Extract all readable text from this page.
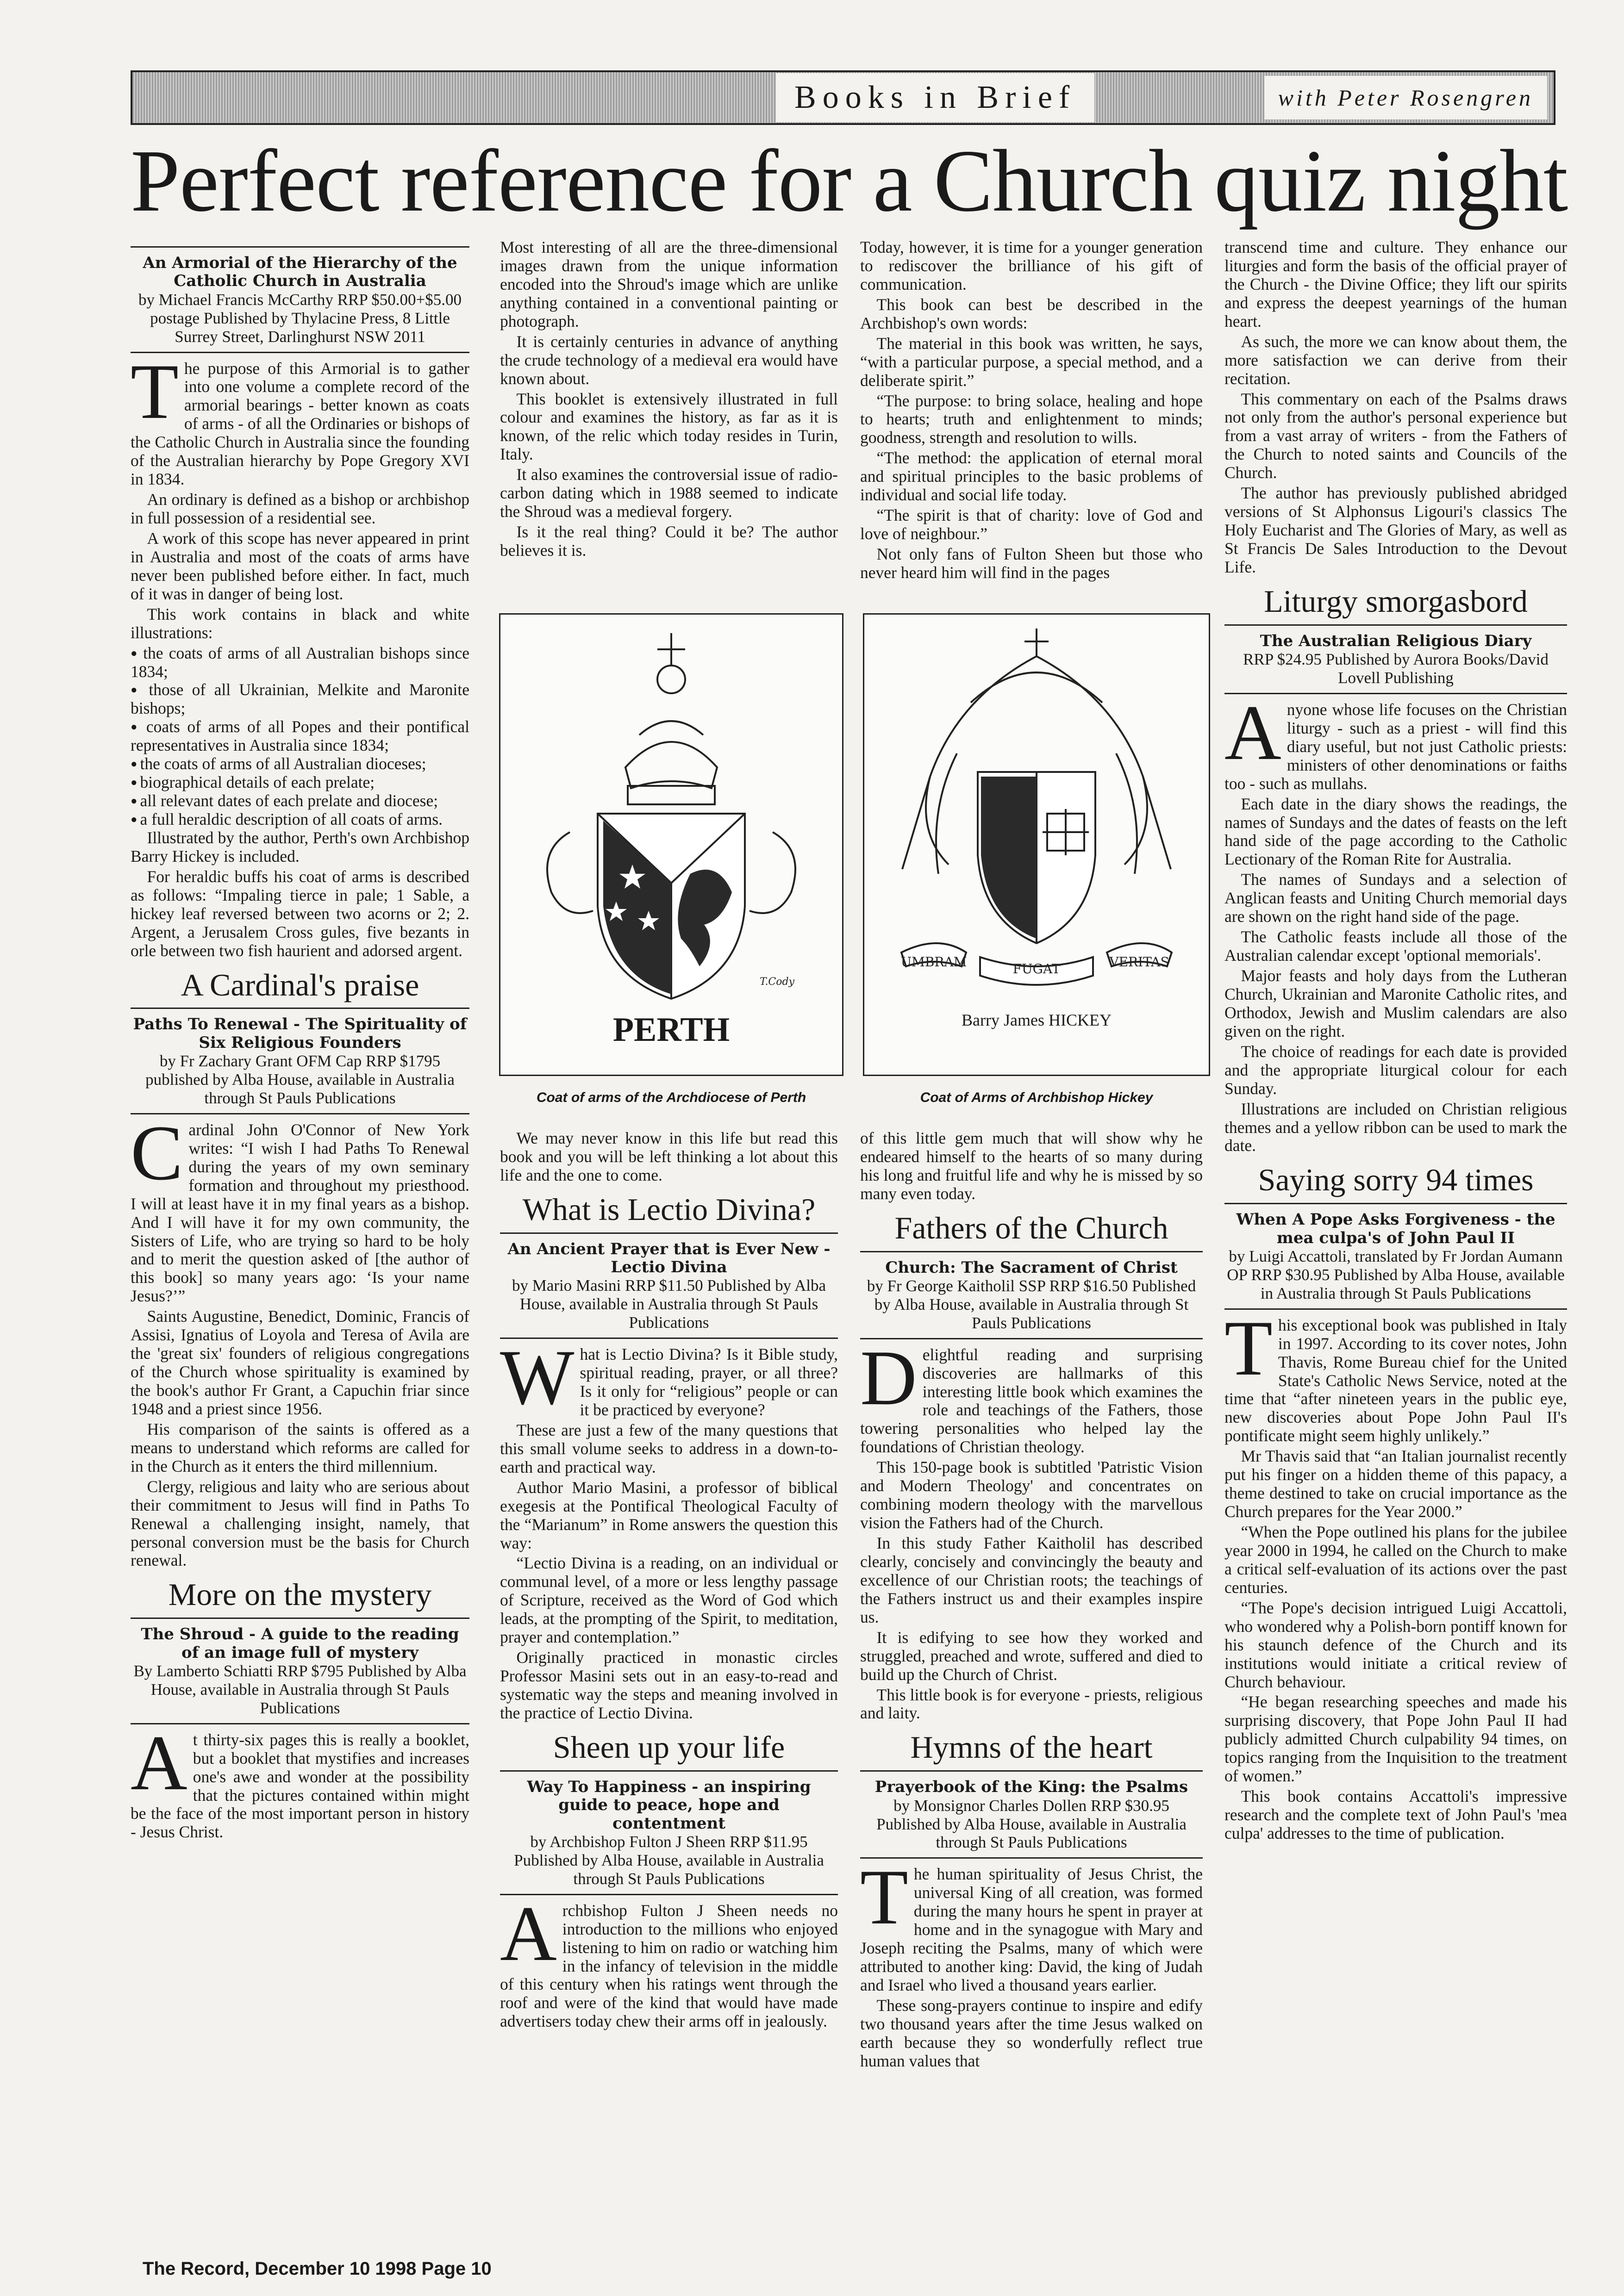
Books in Brief	with Peter Rosengren
Perfect reference for a Church quiz night
An Armorial of the Hierarchy of the Catholic Church in Australia
by Michael Francis McCarthy RRP $50.00+$5.00 postage Published by Thylacine Press, 8 Little Surrey Street, Darlinghurst NSW 2011

The purpose of this Armorial is to gather into one volume a complete record of the armorial bearings - better known as coats of arms - of all the Ordinaries or bishops of the Catholic Church in Australia since the founding of the Australian hierarchy by Pope Gregory XVI in 1834.

An ordinary is defined as a bishop or archbishop in full possession of a residential see.

A work of this scope has never appeared in print in Australia and most of the coats of arms have never been published before either. In fact, much of it was in danger of being lost.

This work contains in black and white illustrations:

● the coats of arms of all Australian bishops since 1834;
● those of all Ukrainian, Melkite and Maronite bishops;
● coats of arms of all Popes and their pontifical representatives in Australia since 1834;
● the coats of arms of all Australian dioceses;
● biographical details of each prelate;
● all relevant dates of each prelate and diocese;
● a full heraldic description of all coats of arms.

Illustrated by the author, Perth's own Archbishop Barry Hickey is included.

For heraldic buffs his coat of arms is described as follows: “Impaling tierce in pale; 1 Sable, a hickey leaf reversed between two acorns or 2; 2. Argent, a Jerusalem Cross gules, five bezants in orle between two fish haurient and adorsed argent.

A Cardinal's praise
Paths To Renewal - The Spirituality of Six Religious Founders
by Fr Zachary Grant OFM Cap RRP $1795 published by Alba House, available in Australia through St Pauls Publications

Cardinal John O'Connor of New York writes: “I wish I had Paths To Renewal during the years of my own seminary formation and throughout my priesthood. I will at least have it in my final years as a bishop. And I will have it for my own community, the Sisters of Life, who are trying so hard to be holy and to merit the question asked of [the author of this book] so many years ago: ‘Is your name Jesus?’”

Saints Augustine, Benedict, Dominic, Francis of Assisi, Ignatius of Loyola and Teresa of Avila are the 'great six' founders of religious congregations of the Church whose spirituality is examined by the book's author Fr Grant, a Capuchin friar since 1948 and a priest since 1956.

His comparison of the saints is offered as a means to understand which reforms are called for in the Church as it enters the third millennium.

Clergy, religious and laity who are serious about their commitment to Jesus will find in Paths To Renewal a challenging insight, namely, that personal conversion must be the basis for Church renewal.

More on the mystery
The Shroud - A guide to the reading of an image full of mystery
By Lamberto Schiatti RRP $795 Published by Alba House, available in Australia through St Pauls Publications

At thirty-six pages this is really a booklet, but a booklet that mystifies and increases one's awe and wonder at the possibility that the pictures contained within might be the face of the most important person in history - Jesus Christ.

Most interesting of all are the three-dimensional images drawn from the unique information encoded into the Shroud's image which are unlike anything contained in a conventional painting or photograph.

It is certainly centuries in advance of anything the crude technology of a medieval era would have known about.

This booklet is extensively illustrated in full colour and examines the history, as far as it is known, of the relic which today resides in Turin, Italy.

It also examines the controversial issue of radio-carbon dating which in 1988 seemed to indicate the Shroud was a medieval forgery.

Is it the real thing? Could it be? The author believes it is.

Today, however, it is time for a younger generation to rediscover the brilliance of his gift of communication.

This book can best be described in the Archbishop's own words:

The material in this book was written, he says, “with a particular purpose, a special method, and a deliberate spirit.”

“The purpose: to bring solace, healing and hope to hearts; truth and enlightenment to minds; goodness, strength and resolution to wills.

“The method: the application of eternal moral and spiritual principles to the basic problems of individual and social life today.

“The spirit is that of charity: love of God and love of neighbour.”

Not only fans of Fulton Sheen but those who never heard him will find in the pages

T.Cody
PERTH
Coat of arms of the Archdiocese of Perth
UMBRAM	FUGAT	VERITAS
Barry James HICKEY
Coat of Arms of Archbishop Hickey

We may never know in this life but read this book and you will be left thinking a lot about this life and the one to come.

What is Lectio Divina?
An Ancient Prayer that is Ever New - Lectio Divina
by Mario Masini RRP $11.50 Published by Alba House, available in Australia through St Pauls Publications

What is Lectio Divina? Is it Bible study, spiritual reading, prayer, or all three? Is it only for “religious” people or can it be practiced by everyone?

These are just a few of the many questions that this small volume seeks to address in a down-to-earth and practical way.

Author Mario Masini, a professor of biblical exegesis at the Pontifical Theological Faculty of the “Marianum” in Rome answers the question this way:

“Lectio Divina is a reading, on an individual or communal level, of a more or less lengthy passage of Scripture, received as the Word of God which leads, at the prompting of the Spirit, to meditation, prayer and contemplation.”

Originally practiced in monastic circles Professor Masini sets out in an easy-to-read and systematic way the steps and meaning involved in the practice of Lectio Divina.

Sheen up your life
Way To Happiness - an inspiring guide to peace, hope and contentment
by Archbishop Fulton J Sheen RRP $11.95 Published by Alba House, available in Australia through St Pauls Publications

Archbishop Fulton J Sheen needs no introduction to the millions who enjoyed listening to him on radio or watching him in the infancy of television in the middle of this century when his ratings went through the roof and were of the kind that would have made advertisers today chew their arms off in jealously.

of this little gem much that will show why he endeared himself to the hearts of so many during his long and fruitful life and why he is missed by so many even today.

Fathers of the Church
Church: The Sacrament of Christ
by Fr George Kaitholil SSP RRP $16.50 Published by Alba House, available in Australia through St Pauls Publications

Delightful reading and surprising discoveries are hallmarks of this interesting little book which examines the role and teachings of the Fathers, those towering personalities who helped lay the foundations of Christian theology.

This 150-page book is subtitled 'Patristic Vision and Modern Theology' and concentrates on combining modern theology with the marvellous vision the Fathers had of the Church.

In this study Father Kaitholil has described clearly, concisely and convincingly the beauty and excellence of our Christian roots; the teachings of the Fathers instruct us and their examples inspire us.

It is edifying to see how they worked and struggled, preached and wrote, suffered and died to build up the Church of Christ.

This little book is for everyone - priests, religious and laity.

Hymns of the heart
Prayerbook of the King: the Psalms
by Monsignor Charles Dollen RRP $30.95 Published by Alba House, available in Australia through St Pauls Publications

The human spirituality of Jesus Christ, the universal King of all creation, was formed during the many hours he spent in prayer at home and in the synagogue with Mary and Joseph reciting the Psalms, many of which were attributed to another king: David, the king of Judah and Israel who lived a thousand years earlier.

These song-prayers continue to inspire and edify two thousand years after the time Jesus walked on earth because they so wonderfully reflect true human values that

transcend time and culture. They enhance our liturgies and form the basis of the official prayer of the Church - the Divine Office; they lift our spirits and express the deepest yearnings of the human heart.

As such, the more we can know about them, the more satisfaction we can derive from their recitation.

This commentary on each of the Psalms draws not only from the author's personal experience but from a vast array of writers - from the Fathers of the Church to noted saints and Councils of the Church.

The author has previously published abridged versions of St Alphonsus Ligouri's classics The Holy Eucharist and The Glories of Mary, as well as St Francis De Sales Introduction to the Devout Life.

Liturgy smorgasbord
The Australian Religious Diary
RRP $24.95 Published by Aurora Books/David Lovell Publishing

Anyone whose life focuses on the Christian liturgy - such as a priest - will find this diary useful, but not just Catholic priests: ministers of other denominations or faiths too - such as mullahs.

Each date in the diary shows the readings, the names of Sundays and the dates of feasts on the left hand side of the page according to the Catholic Lectionary of the Roman Rite for Australia.

The names of Sundays and a selection of Anglican feasts and Uniting Church memorial days are shown on the right hand side of the page.

The Catholic feasts include all those of the Australian calendar except 'optional memorials'.

Major feasts and holy days from the Lutheran Church, Ukrainian and Maronite Catholic rites, and Orthodox, Jewish and Muslim calendars are also given on the right.

The choice of readings for each date is provided and the appropriate liturgical colour for each Sunday.

Illustrations are included on Christian religious themes and a yellow ribbon can be used to mark the date.

Saying sorry 94 times
When A Pope Asks Forgiveness - the mea culpa's of John Paul II
by Luigi Accattoli, translated by Fr Jordan Aumann OP RRP $30.95 Published by Alba House, available in Australia through St Pauls Publications

This exceptional book was published in Italy in 1997. According to its cover notes, John Thavis, Rome Bureau chief for the United State's Catholic News Service, noted at the time that “after nineteen years in the public eye, new discoveries about Pope John Paul II's pontificate might seem highly unlikely.”

Mr Thavis said that “an Italian journalist recently put his finger on a hidden theme of this papacy, a theme destined to take on crucial importance as the Church prepares for the Year 2000.”

“When the Pope outlined his plans for the jubilee year 2000 in 1994, he called on the Church to make a critical self-evaluation of its actions over the past centuries.

“The Pope's decision intrigued Luigi Accattoli, who wondered why a Polish-born pontiff known for his staunch defence of the Church and its institutions would initiate a critical review of Church behaviour.

“He began researching speeches and made his surprising discovery, that Pope John Paul II had publicly admitted Church culpability 94 times, on topics ranging from the Inquisition to the treatment of women.”

This book contains Accattoli's impressive research and the complete text of John Paul's 'mea culpa' addresses to the time of publication.

The Record, December 10 1998 Page 10
